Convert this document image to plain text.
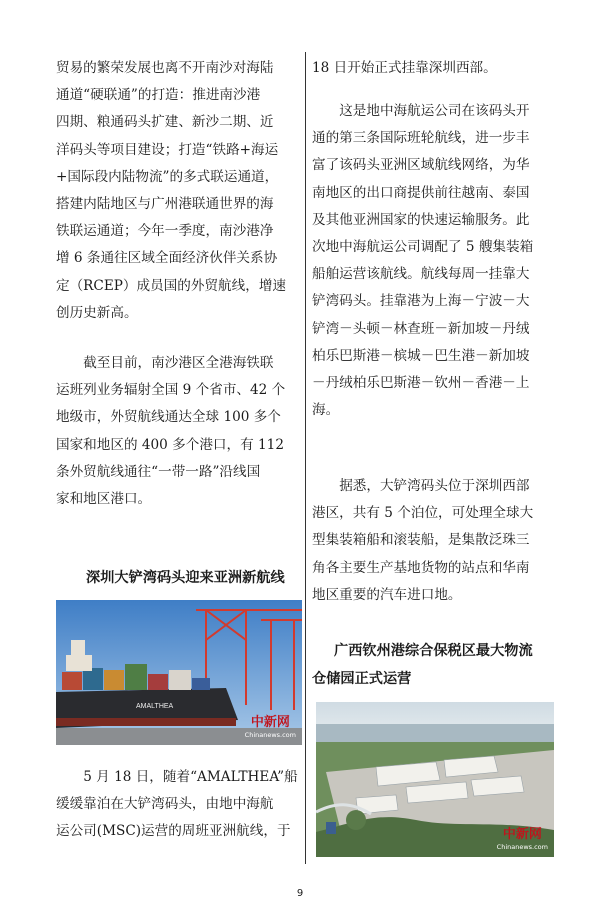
贸易的繁荣发展也离不开南沙对海陆
通道“硬联通”的打造：推进南沙港
四期、粮通码头扩建、新沙二期、近
洋码头等项目建设；打造“铁路+海运
+国际段内陆物流”的多式联运通道，
搭建内陆地区与广州港联通世界的海
铁联运通道；今年一季度，南沙港净
增 6 条通往区域全面经济伙伴关系协
定（RCEP）成员国的外贸航线，增速
创历史新高。

截至目前，南沙港区全港海铁联
运班列业务辐射全国 9 个省市、42 个
地级市，外贸航线通达全球 100 多个
国家和地区的 400 多个港口，有 112
条外贸航线通往“一带一路”沿线国
家和地区港口。

深圳大铲湾码头迎来亚洲新航线
AMALTHEA
中新网
Chinanews.com

5 月 18 日，随着“AMALTHEA”船
缓缓靠泊在大铲湾码头，由地中海航
运公司(MSC)运营的周班亚洲航线，于

18 日开始正式挂靠深圳西部。

这是地中海航运公司在该码头开
通的第三条国际班轮航线，进一步丰
富了该码头亚洲区域航线网络，为华
南地区的出口商提供前往越南、泰国
及其他亚洲国家的快速运输服务。此
次地中海航运公司调配了 5 艘集装箱
船舶运营该航线。航线每周一挂靠大
铲湾码头。挂靠港为上海－宁波－大
铲湾－头顿－林查班－新加坡－丹绒
柏乐巴斯港－槟城－巴生港－新加坡
－丹绒柏乐巴斯港－钦州－香港－上
海。

据悉，大铲湾码头位于深圳西部
港区，共有 5 个泊位，可处理全球大
型集装箱船和滚装船，是集散泛珠三
角各主要生产基地货物的站点和华南
地区重要的汽车进口地。

广西钦州港综合保税区最大物流
仓储园正式运营
中新网
Chinanews.com
9
